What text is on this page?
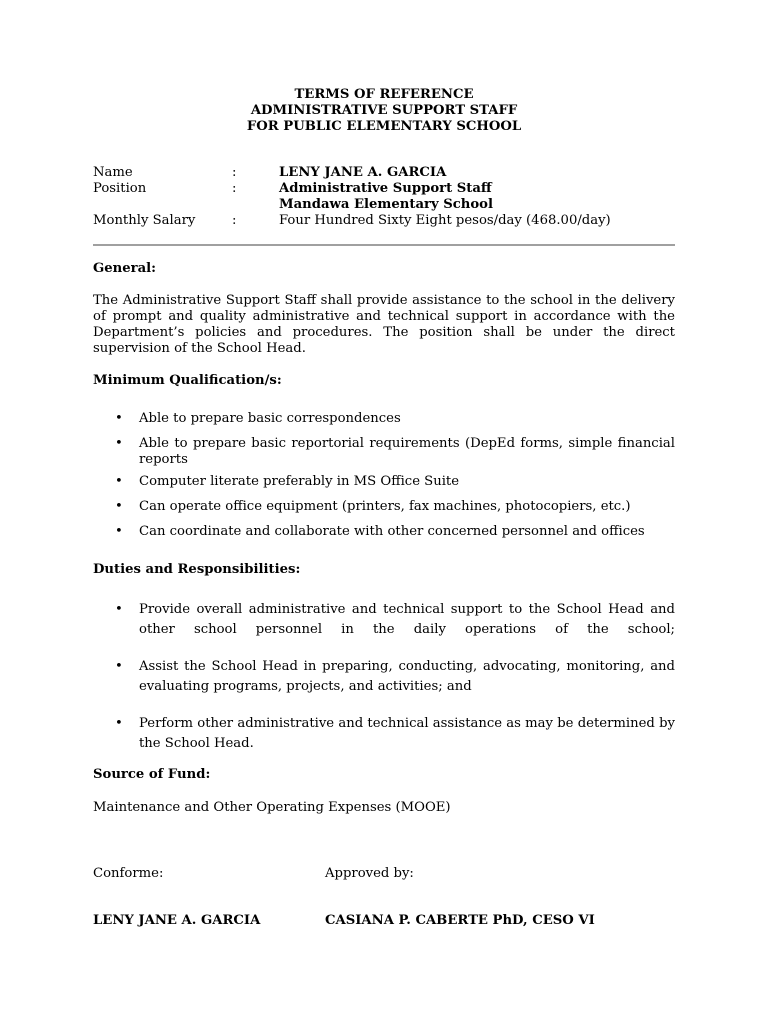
TERMS OF REFERENCE
ADMINISTRATIVE SUPPORT STAFF
FOR PUBLIC ELEMENTARY SCHOOL
Name	:	LENY JANE A. GARCIA
Position	:	Administrative Support Staff
Mandawa Elementary School
Monthly Salary	:	Four Hundred Sixty Eight pesos/day (468.00/day)
General:
The Administrative Support Staff shall provide assistance to the school in the delivery of prompt and quality administrative and technical support in accordance with the Department’s policies and procedures. The position shall be under the direct supervision of the School Head.
Minimum Qualification/s:
• Able to prepare basic correspondences
• Able to prepare basic reportorial requirements (DepEd forms, simple financial reports
• Computer literate preferably in MS Office Suite
• Can operate office equipment (printers, fax machines, photocopiers, etc.)
• Can coordinate and collaborate with other concerned personnel and offices
Duties and Responsibilities:
• Provide overall administrative and technical support to the School Head and other school personnel in the daily operations of the school;
• Assist the School Head in preparing, conducting, advocating, monitoring, and evaluating programs, projects, and activities; and
• Perform other administrative and technical assistance as may be determined by the School Head.
Source of Fund:
Maintenance and Other Operating Expenses (MOOE)
Conforme:	Approved by:
LENY JANE A. GARCIA	CASIANA P. CABERTE PhD, CESO VI
